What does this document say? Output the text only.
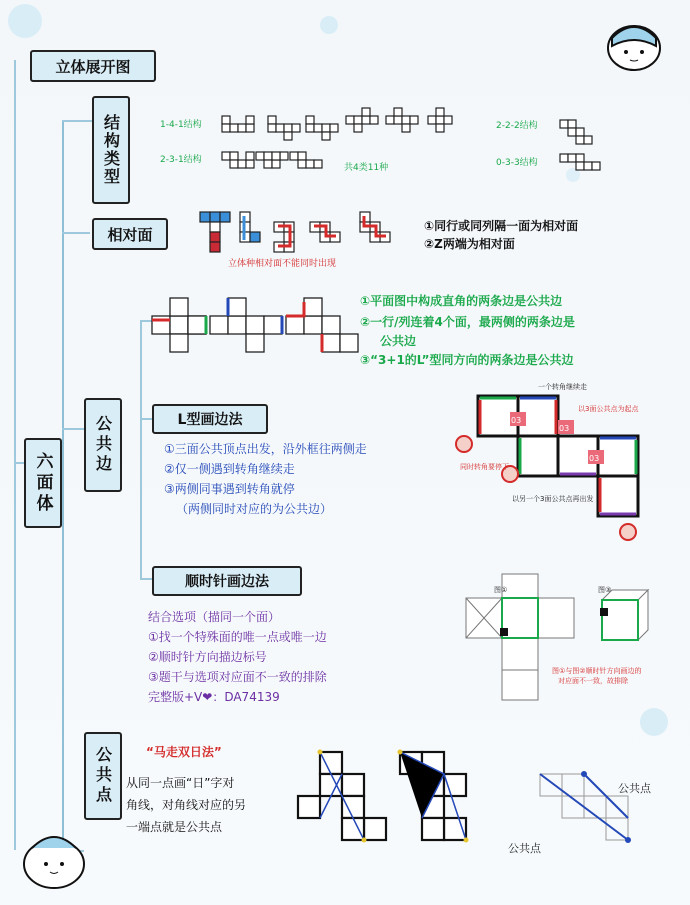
立体展开图
六面体
结构类型	1-4-1结构
2-3-1结构
2-2-2结构
0-3-3结构
共4类11种
相对面
立体种相对面不能同时出现
①同行或同列隔一面为相对面
②Z两端为相对面
公共边
①平面图中构成直角的两条边是公共边
②一行/列连着4个面，最两侧的两条边是
公共边
③“3+1的L”型同方向的两条边是公共边
L型画边法
①三面公共顶点出发，沿外框往两侧走
②仅一侧遇到转角继续走
③两侧同事遇到转角就停
（两侧同时对应的为公共边）
03
03
03
一个转角继续走
以3面公共点为起点
同时转角要停下
以另一个3面公共点再出发
顺时针画边法
结合选项（描同一个面）
①找一个特殊面的唯一点或唯一边
②顺时针方向描边标号
③题干与选项对应面不一致的排除
完整版+V❤：DA74139
图①	图③
图①与图②顺时针方向画边的
对应面不一致，故排除
公共点	“马走双日法”
从同一点画“日”字对
角线，对角线对应的另
一端点就是公共点
公共点
公共点
